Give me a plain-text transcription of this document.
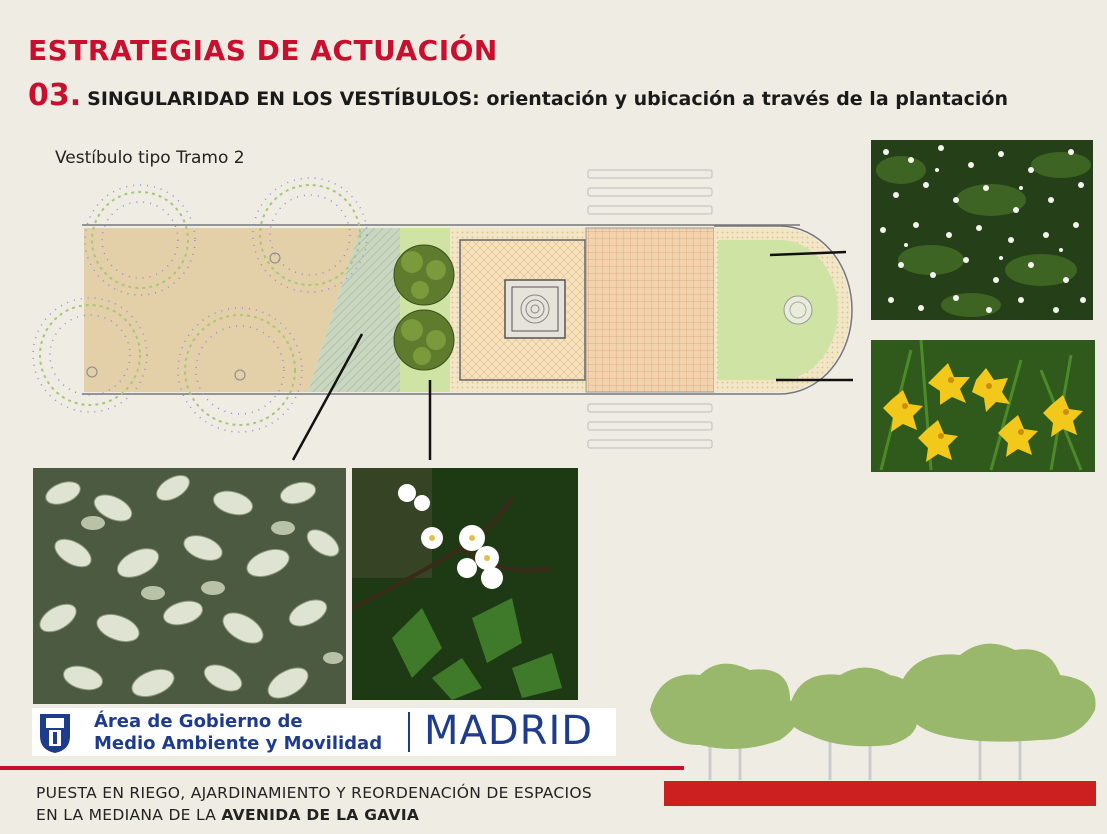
ESTRATEGIAS DE ACTUACIÓN
03. SINGULARIDAD EN LOS VESTÍBULOS: orientación y ubicación a través de la plantación
Vestíbulo tipo Tramo 2
Área de Gobierno de
Medio Ambiente y Movilidad MADRID
PUESTA EN RIEGO, AJARDINAMIENTO Y REORDENACIÓN DE ESPACIOS
EN LA MEDIANA DE LA AVENIDA DE LA GAVIA
